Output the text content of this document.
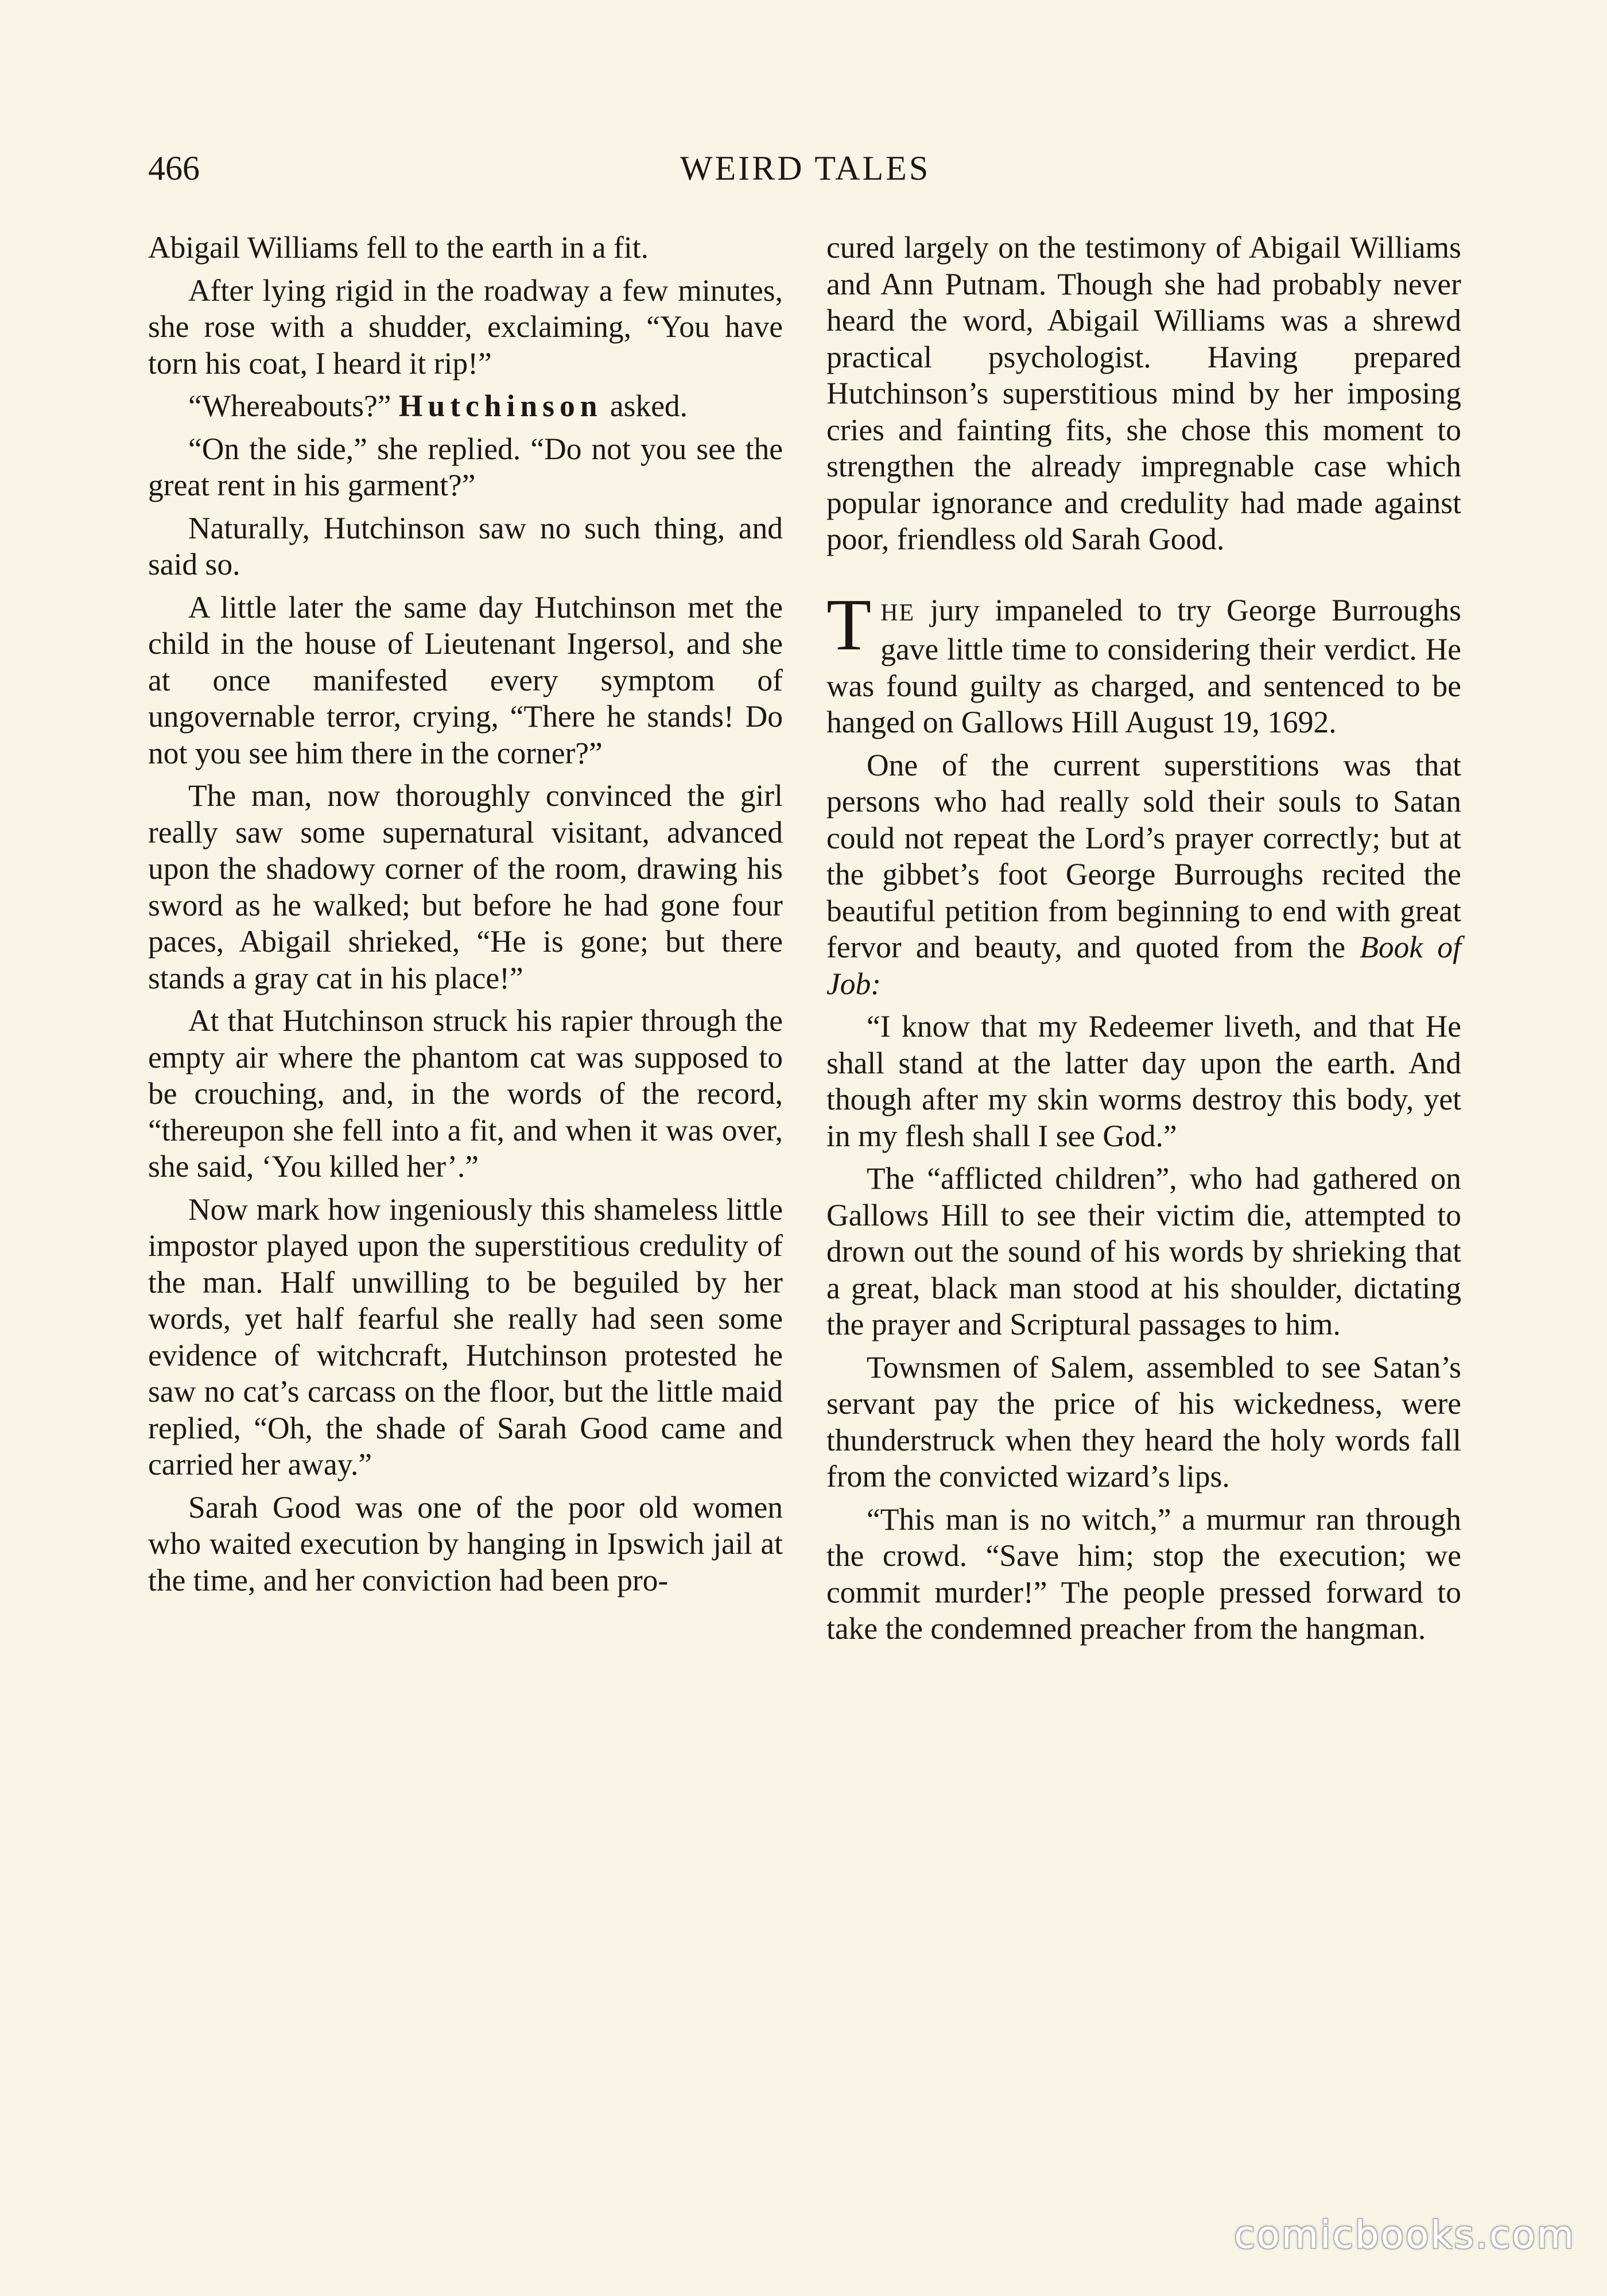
466	WEIRD TALES

Abigail Williams fell to the earth in a fit.

After lying rigid in the roadway a few minutes, she rose with a shudder, exclaiming, “You have torn his coat, I heard it rip!”

“Whereabouts?” Hutchinson asked.

“On the side,” she replied. “Do not you see the great rent in his garment?”

Naturally, Hutchinson saw no such thing, and said so.

A little later the same day Hutchinson met the child in the house of Lieutenant Ingersol, and she at once manifested every symptom of ungovernable terror, crying, “There he stands! Do not you see him there in the corner?”

The man, now thoroughly convinced the girl really saw some supernatural visitant, advanced upon the shadowy corner of the room, drawing his sword as he walked; but before he had gone four paces, Abigail shrieked, “He is gone; but there stands a gray cat in his place!”

At that Hutchinson struck his rapier through the empty air where the phantom cat was supposed to be crouching, and, in the words of the record, “thereupon she fell into a fit, and when it was over, she said, ‘You killed her’.”

Now mark how ingeniously this shameless little impostor played upon the superstitious credulity of the man. Half unwilling to be beguiled by her words, yet half fearful she really had seen some evidence of witchcraft, Hutchinson protested he saw no cat’s carcass on the floor, but the little maid replied, “Oh, the shade of Sarah Good came and carried her away.”

Sarah Good was one of the poor old women who waited execution by hanging in Ipswich jail at the time, and her conviction had been pro-

cured largely on the testimony of Abigail Williams and Ann Putnam. Though she had probably never heard the word, Abigail Williams was a shrewd practical psychologist. Having prepared Hutchinson’s superstitious mind by her imposing cries and fainting fits, she chose this moment to strengthen the already impregnable case which popular ignorance and credulity had made against poor, friendless old Sarah Good.

THE jury impaneled to try George Burroughs gave little time to considering their verdict. He was found guilty as charged, and sentenced to be hanged on Gallows Hill August 19, 1692.

One of the current superstitions was that persons who had really sold their souls to Satan could not repeat the Lord’s prayer correctly; but at the gibbet’s foot George Burroughs recited the beautiful petition from beginning to end with great fervor and beauty, and quoted from the Book of Job:

“I know that my Redeemer liveth, and that He shall stand at the latter day upon the earth. And though after my skin worms destroy this body, yet in my flesh shall I see God.”

The “afflicted children”, who had gathered on Gallows Hill to see their victim die, attempted to drown out the sound of his words by shrieking that a great, black man stood at his shoulder, dictating the prayer and Scriptural passages to him.

Townsmen of Salem, assembled to see Satan’s servant pay the price of his wickedness, were thunderstruck when they heard the holy words fall from the convicted wizard’s lips.

“This man is no witch,” a murmur ran through the crowd. “Save him; stop the execution; we commit murder!” The people pressed forward to take the condemned preacher from the hangman.

comicbooks.com
